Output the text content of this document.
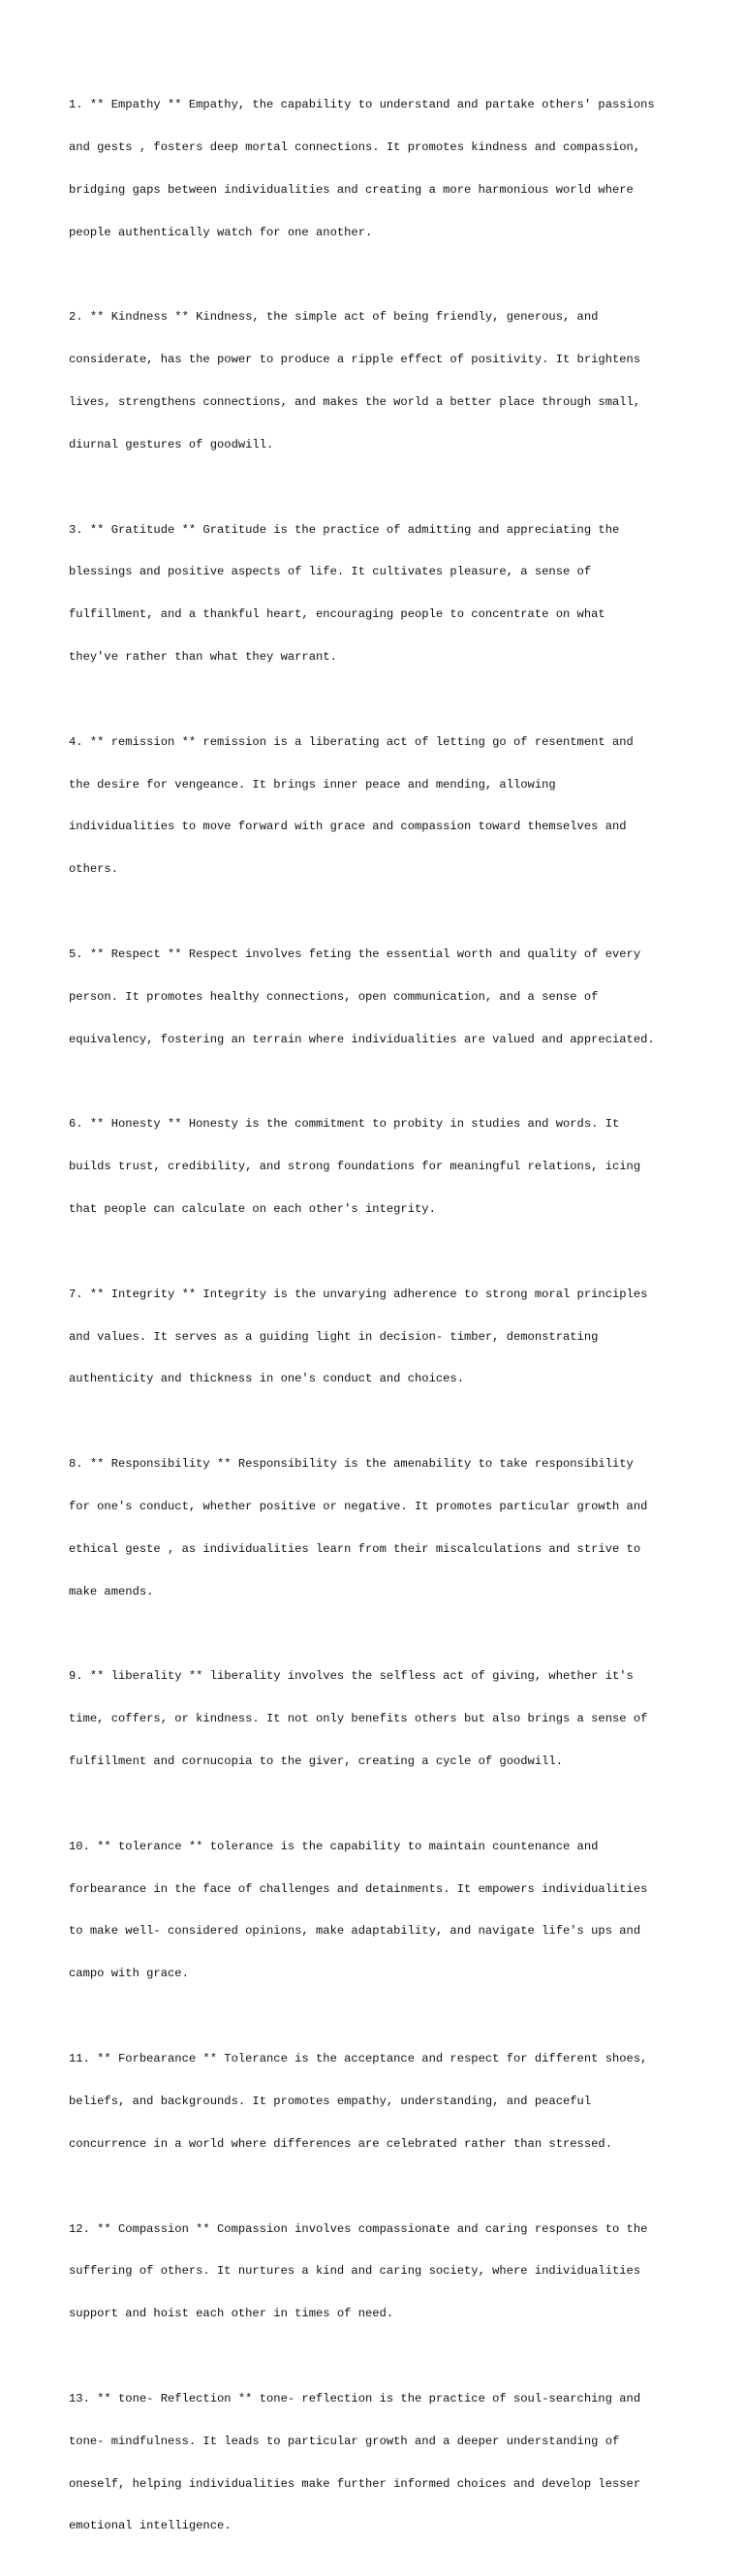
1. ** Empathy ** Empathy, the capability to understand and partake others' passions

and gests , fosters deep mortal connections. It promotes kindness and compassion,

bridging gaps between individualities and creating a more harmonious world where

people authentically watch for one another.

2. ** Kindness ** Kindness, the simple act of being friendly, generous, and

considerate, has the power to produce a ripple effect of positivity. It brightens

lives, strengthens connections, and makes the world a better place through small,

diurnal gestures of goodwill.

3. ** Gratitude ** Gratitude is the practice of admitting and appreciating the

blessings and positive aspects of life. It cultivates pleasure, a sense of

fulfillment, and a thankful heart, encouraging people to concentrate on what

they've rather than what they warrant.

4. ** remission ** remission is a liberating act of letting go of resentment and

the desire for vengeance. It brings inner peace and mending, allowing

individualities to move forward with grace and compassion toward themselves and

others.

5. ** Respect ** Respect involves feting the essential worth and quality of every

person. It promotes healthy connections, open communication, and a sense of

equivalency, fostering an terrain where individualities are valued and appreciated.

6. ** Honesty ** Honesty is the commitment to probity in studies and words. It

builds trust, credibility, and strong foundations for meaningful relations, icing

that people can calculate on each other's integrity.

7. ** Integrity ** Integrity is the unvarying adherence to strong moral principles

and values. It serves as a guiding light in decision- timber, demonstrating

authenticity and thickness in one's conduct and choices.

8. ** Responsibility ** Responsibility is the amenability to take responsibility

for one's conduct, whether positive or negative. It promotes particular growth and

ethical geste , as individualities learn from their miscalculations and strive to

make amends.

9. ** liberality ** liberality involves the selfless act of giving, whether it's

time, coffers, or kindness. It not only benefits others but also brings a sense of

fulfillment and cornucopia to the giver, creating a cycle of goodwill.

10. ** tolerance ** tolerance is the capability to maintain countenance and

forbearance in the face of challenges and detainments. It empowers individualities

to make well- considered opinions, make adaptability, and navigate life's ups and

campo with grace.

11. ** Forbearance ** Tolerance is the acceptance and respect for different shoes,

beliefs, and backgrounds. It promotes empathy, understanding, and peaceful

concurrence in a world where differences are celebrated rather than stressed.

12. ** Compassion ** Compassion involves compassionate and caring responses to the

suffering of others. It nurtures a kind and caring society, where individualities

support and hoist each other in times of need.

13. ** tone- Reflection ** tone- reflection is the practice of soul-searching and

tone- mindfulness. It leads to particular growth and a deeper understanding of

oneself, helping individualities make further informed choices and develop lesser

emotional intelligence.
